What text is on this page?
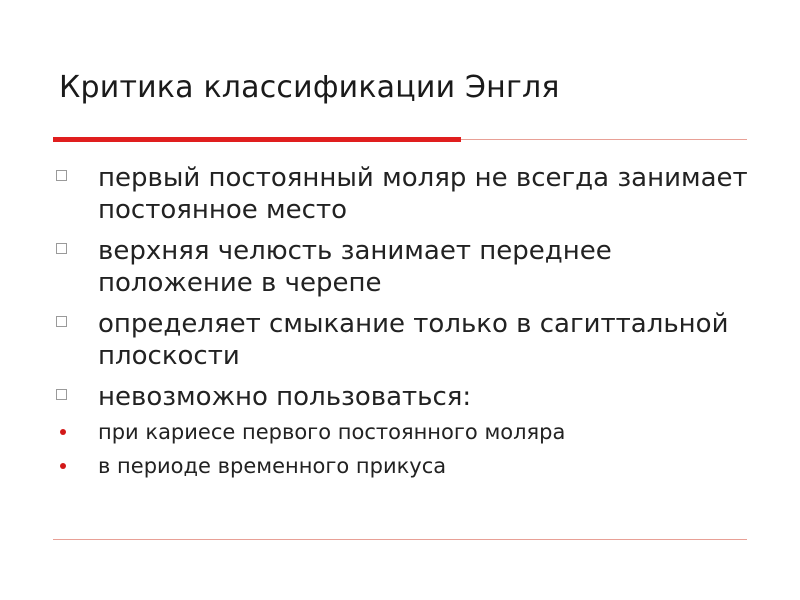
Критика классификации Энгля
первый постоянный моляр не всегда занимает постоянное место
верхняя челюсть занимает переднее положение в черепе
определяет смыкание только в сагиттальной плоскости
невозможно пользоваться:
при кариесе первого постоянного моляра
в периоде временного прикуса
